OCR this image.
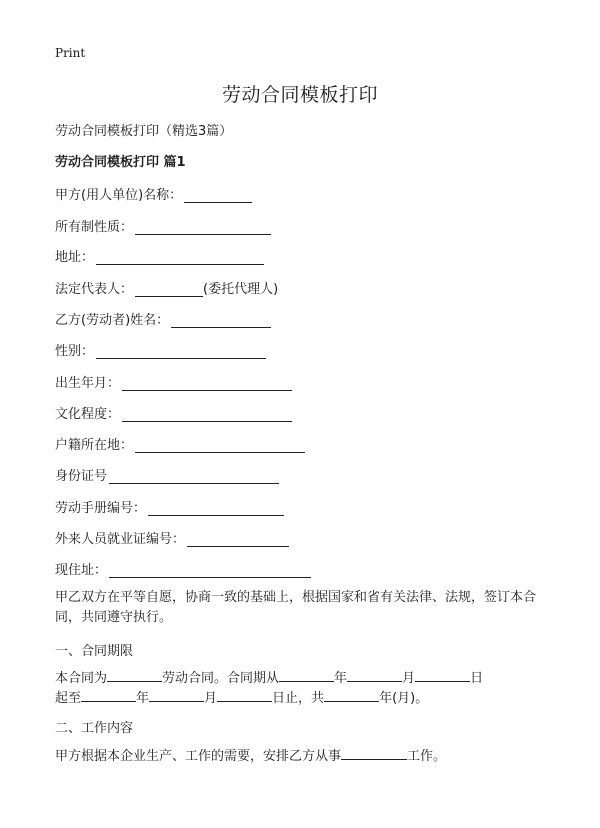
Print
劳动合同模板打印
劳动合同模板打印（精选3篇）
劳动合同模板打印 篇1
甲方(用人单位)名称：
所有制性质：
地址：
法定代表人：	(委托代理人)
乙方(劳动者)姓名：
性别：
出生年月：
文化程度：
户籍所在地：
身份证号
劳动手册编号：
外来人员就业证编号：
现住址：
甲乙双方在平等自愿，协商一致的基础上，根据国家和省有关法律、法规，签订本合同，共同遵守执行。
一、合同期限
本合同为	劳动合同。合同期从	年	月	日
起至	年	月	日止，共	年(月)。
二、工作内容
甲方根据本企业生产、工作的需要，安排乙方从事	工作。
